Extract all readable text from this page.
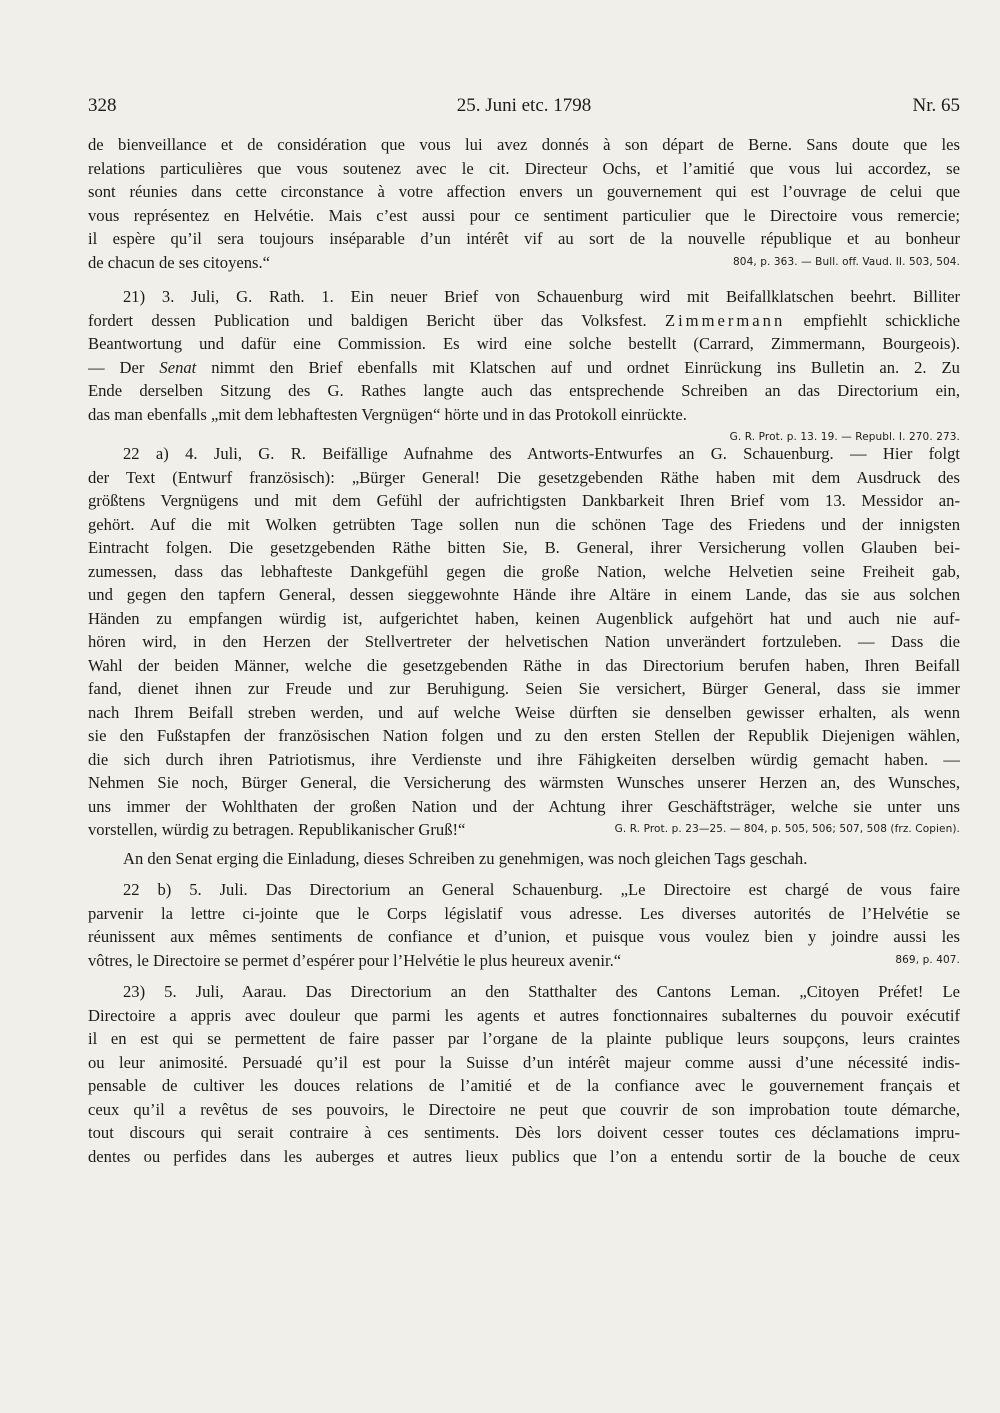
328	25. Juni etc. 1798	Nr. 65
de bienveillance et de considération que vous lui avez donnés à son départ de Berne. Sans doute que les
relations particulières que vous soutenez avec le cit. Directeur Ochs, et l’amitié que vous lui accordez, se
sont réunies dans cette circonstance à votre affection envers un gouvernement qui est l’ouvrage de celui que
vous représentez en Helvétie. Mais c’est aussi pour ce sentiment particulier que le Directoire vous remercie;
il espère qu’il sera toujours inséparable d’un intérêt vif au sort de la nouvelle république et au bonheur
de chacun de ses citoyens.“	804, p. 363. — Bull. off. Vaud. II. 503, 504.
21) 3. Juli, G. Rath. 1. Ein neuer Brief von Schauenburg wird mit Beifallklatschen beehrt. Billiter
fordert dessen Publication und baldigen Bericht über das Volksfest. Zimmermann empfiehlt schickliche
Beantwortung und dafür eine Commission. Es wird eine solche bestellt (Carrard, Zimmermann, Bourgeois).
— Der Senat nimmt den Brief ebenfalls mit Klatschen auf und ordnet Einrückung ins Bulletin an. 2. Zu
Ende derselben Sitzung des G. Rathes langte auch das entsprechende Schreiben an das Directorium ein,
das man ebenfalls „mit dem lebhaftesten Vergnügen“ hörte und in das Protokoll einrückte.
G. R. Prot. p. 13. 19. — Republ. I. 270. 273.
22 a) 4. Juli, G. R. Beifällige Aufnahme des Antworts-Entwurfes an G. Schauenburg. — Hier folgt
der Text (Entwurf französisch): „Bürger General! Die gesetzgebenden Räthe haben mit dem Ausdruck des
größtens Vergnügens und mit dem Gefühl der aufrichtigsten Dankbarkeit Ihren Brief vom 13. Messidor an-
gehört. Auf die mit Wolken getrübten Tage sollen nun die schönen Tage des Friedens und der innigsten
Eintracht folgen. Die gesetzgebenden Räthe bitten Sie, B. General, ihrer Versicherung vollen Glauben bei-
zumessen, dass das lebhafteste Dankgefühl gegen die große Nation, welche Helvetien seine Freiheit gab,
und gegen den tapfern General, dessen sieggewohnte Hände ihre Altäre in einem Lande, das sie aus solchen
Händen zu empfangen würdig ist, aufgerichtet haben, keinen Augenblick aufgehört hat und auch nie auf-
hören wird, in den Herzen der Stellvertreter der helvetischen Nation unverändert fortzuleben. — Dass die
Wahl der beiden Männer, welche die gesetzgebenden Räthe in das Directorium berufen haben, Ihren Beifall
fand, dienet ihnen zur Freude und zur Beruhigung. Seien Sie versichert, Bürger General, dass sie immer
nach Ihrem Beifall streben werden, und auf welche Weise dürften sie denselben gewisser erhalten, als wenn
sie den Fußstapfen der französischen Nation folgen und zu den ersten Stellen der Republik Diejenigen wählen,
die sich durch ihren Patriotismus, ihre Verdienste und ihre Fähigkeiten derselben würdig gemacht haben. —
Nehmen Sie noch, Bürger General, die Versicherung des wärmsten Wunsches unserer Herzen an, des Wunsches,
uns immer der Wohlthaten der großen Nation und der Achtung ihrer Geschäftsträger, welche sie unter uns
vorstellen, würdig zu betragen. Republikanischer Gruß!“	G. R. Prot. p. 23—25. — 804, p. 505, 506; 507, 508 (frz. Copien).
An den Senat erging die Einladung, dieses Schreiben zu genehmigen, was noch gleichen Tags geschah.
22 b) 5. Juli. Das Directorium an General Schauenburg. „Le Directoire est chargé de vous faire
parvenir la lettre ci-jointe que le Corps législatif vous adresse. Les diverses autorités de l’Helvétie se
réunissent aux mêmes sentiments de confiance et d’union, et puisque vous voulez bien y joindre aussi les
vôtres, le Directoire se permet d’espérer pour l’Helvétie le plus heureux avenir.“	869, p. 407.
23) 5. Juli, Aarau. Das Directorium an den Statthalter des Cantons Leman. „Citoyen Préfet! Le
Directoire a appris avec douleur que parmi les agents et autres fonctionnaires subalternes du pouvoir exécutif
il en est qui se permettent de faire passer par l’organe de la plainte publique leurs soupçons, leurs craintes
ou leur animosité. Persuadé qu’il est pour la Suisse d’un intérêt majeur comme aussi d’une nécessité indis-
pensable de cultiver les douces relations de l’amitié et de la confiance avec le gouvernement français et
ceux qu’il a revêtus de ses pouvoirs, le Directoire ne peut que couvrir de son improbation toute démarche,
tout discours qui serait contraire à ces sentiments. Dès lors doivent cesser toutes ces déclamations impru-
dentes ou perfides dans les auberges et autres lieux publics que l’on a entendu sortir de la bouche de ceux
